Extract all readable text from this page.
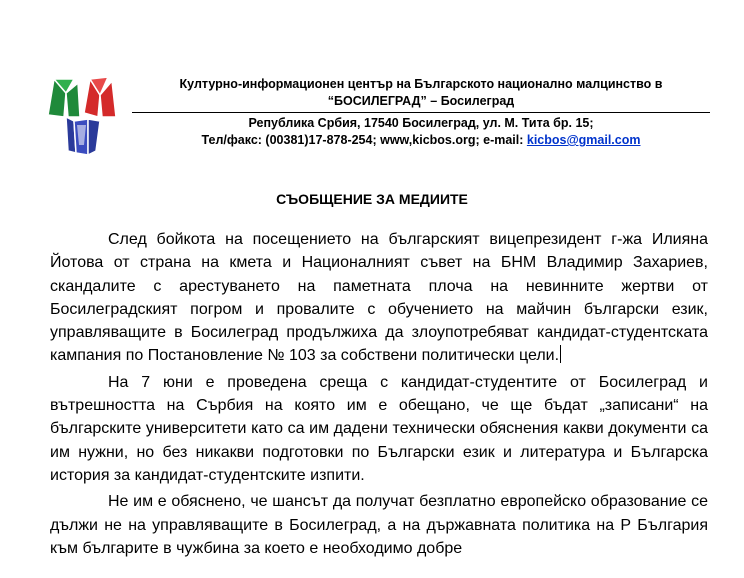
Културно-информационен център на Българското национално малцинство в
“БОСИЛЕГРАД” – Босилеград
Република Србия, 17540 Босилеград, ул. М. Тита бр. 15;
Тел/факс: (00381)17-878-254; www,kicbos.org; e-mail: kicbos@gmail.com
СЪОБЩЕНИЕ ЗА МЕДИИТЕ

След бойкота на посещението на българският вицепрезидент г-жа Илияна Йотова от страна на кмета и Националният съвет на БНМ Владимир Захариев, скандалите с арестуването на паметната плоча на невинните жертви от Босилеградският погром и провалите с обучението на майчин български език, управляващите в Босилеград продължиха да злоупотребяват кандидат-студентската кампания по Постановление № 103 за собствени политически цели.

На 7 юни е проведена среща с кандидат-студентите от Босилеград и вътрешността на Сърбия на която им е обещано, че ще бъдат „записани“ на българските университети като са им дадени технически обяснения какви документи са им нужни, но без никакви подготовки по Български език и литература и Българска история за кандидат-студентските изпити.

Не им е обяснено, че шансът да получат безплатно европейско образование се дължи не на управляващите в Босилеград, а на държавната политика на Р България към българите в чужбина за което е необходимо добре
